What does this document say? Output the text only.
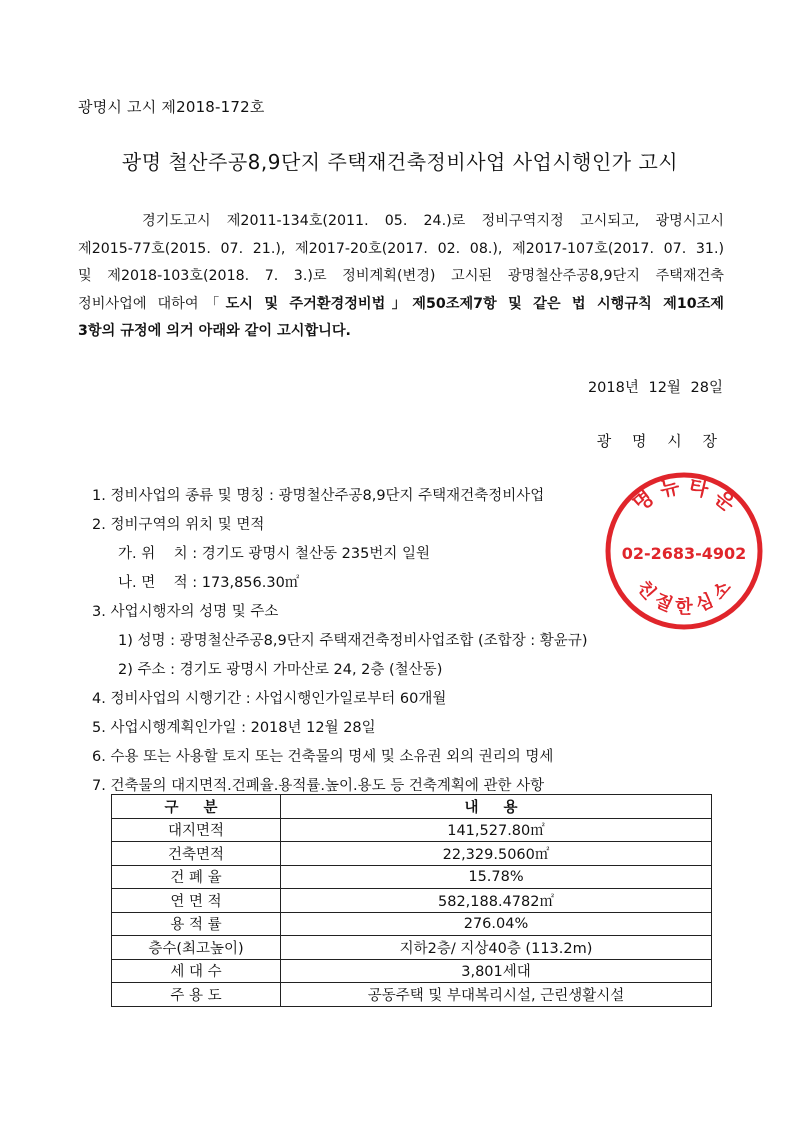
광명시 고시 제2018-172호
광명 철산주공8,9단지 주택재건축정비사업 사업시행인가 고시
경기도고시 제2011-134호(2011. 05. 24.)로 정비구역지정 고시되고, 광명시고시
제2015-77호(2015. 07. 21.), 제2017-20호(2017. 02. 08.), 제2017-107호(2017. 07. 31.)
및 제2018-103호(2018. 7. 3.)로 정비계획(변경) 고시된 광명철산주공8,9단지 주택재건축
정비사업에 대하여「도시 및 주거환경정비법」제50조제7항 및 같은 법 시행규칙 제10조제
3항의 규정에 의거 아래와 같이 고시합니다.
2018년 12월 28일
광 명 시 장
1. 정비사업의 종류 및 명칭 : 광명철산주공8,9단지 주택재건축정비사업
2. 정비구역의 위치 및 면적
가. 위    치 : 경기도 광명시 철산동 235번지 일원
나. 면    적 : 173,856.30㎡
3. 사업시행자의 성명 및 주소
1) 성명 : 광명철산주공8,9단지 주택재건축정비사업조합 (조합장 : 황윤규)
2) 주소 : 경기도 광명시 가마산로 24, 2층 (철산동)
4. 정비사업의 시행기간 : 사업시행인가일로부터 60개월
5. 사업시행계획인가일 : 2018년 12월 28일
6. 수용 또는 사용할 토지 또는 건축물의 명세 및 소유권 외의 권리의 명세
7. 건축물의 대지면적.건폐율.용적률.높이.용도 등 건축계획에 관한 사항
구 분	내 용
대지면적	141,527.80㎡
건축면적	22,329.5060㎡
건 폐 율	15.78%
연 면 적	582,188.4782㎡
용 적 률	276.04%
층수(최고높이)	지하2층/ 지상40층 (113.2m)
세 대 수	3,801세대
주 용 도	공동주택 및 부대복리시설, 근린생활시설
명 뉴 타 운
02-2683-4902
친 절 한 심 소
